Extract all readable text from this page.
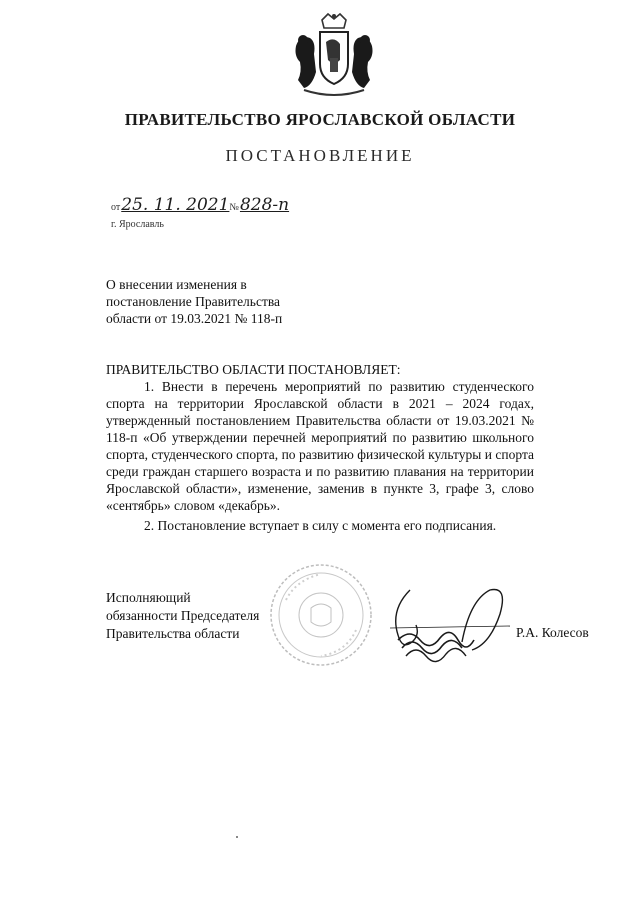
ПРАВИТЕЛЬСТВО ЯРОСЛАВСКОЙ ОБЛАСТИ
ПОСТАНОВЛЕНИЕ
от25. 11. 2021№828-п
г. Ярославль
О внесении изменения в
постановление Правительства
области от 19.03.2021 № 118-п
ПРАВИТЕЛЬСТВО ОБЛАСТИ ПОСТАНОВЛЯЕТ:
1. Внести в перечень мероприятий по развитию студенческого спорта на территории Ярославской области в 2021 – 2024 годах, утвержденный постановлением Правительства области от 19.03.2021 № 118-п «Об утверждении перечней мероприятий по развитию школьного спорта, студенческого спорта, по развитию физической культуры и спорта среди граждан старшего возраста и по развитию плавания на территории Ярославской области», изменение, заменив в пункте 3, графе 3, слово «сентябрь» словом «декабрь».
2. Постановление вступает в силу с момента его подписания.
Исполняющий
обязанности Председателя
Правительства области	Р.А. Колесов
